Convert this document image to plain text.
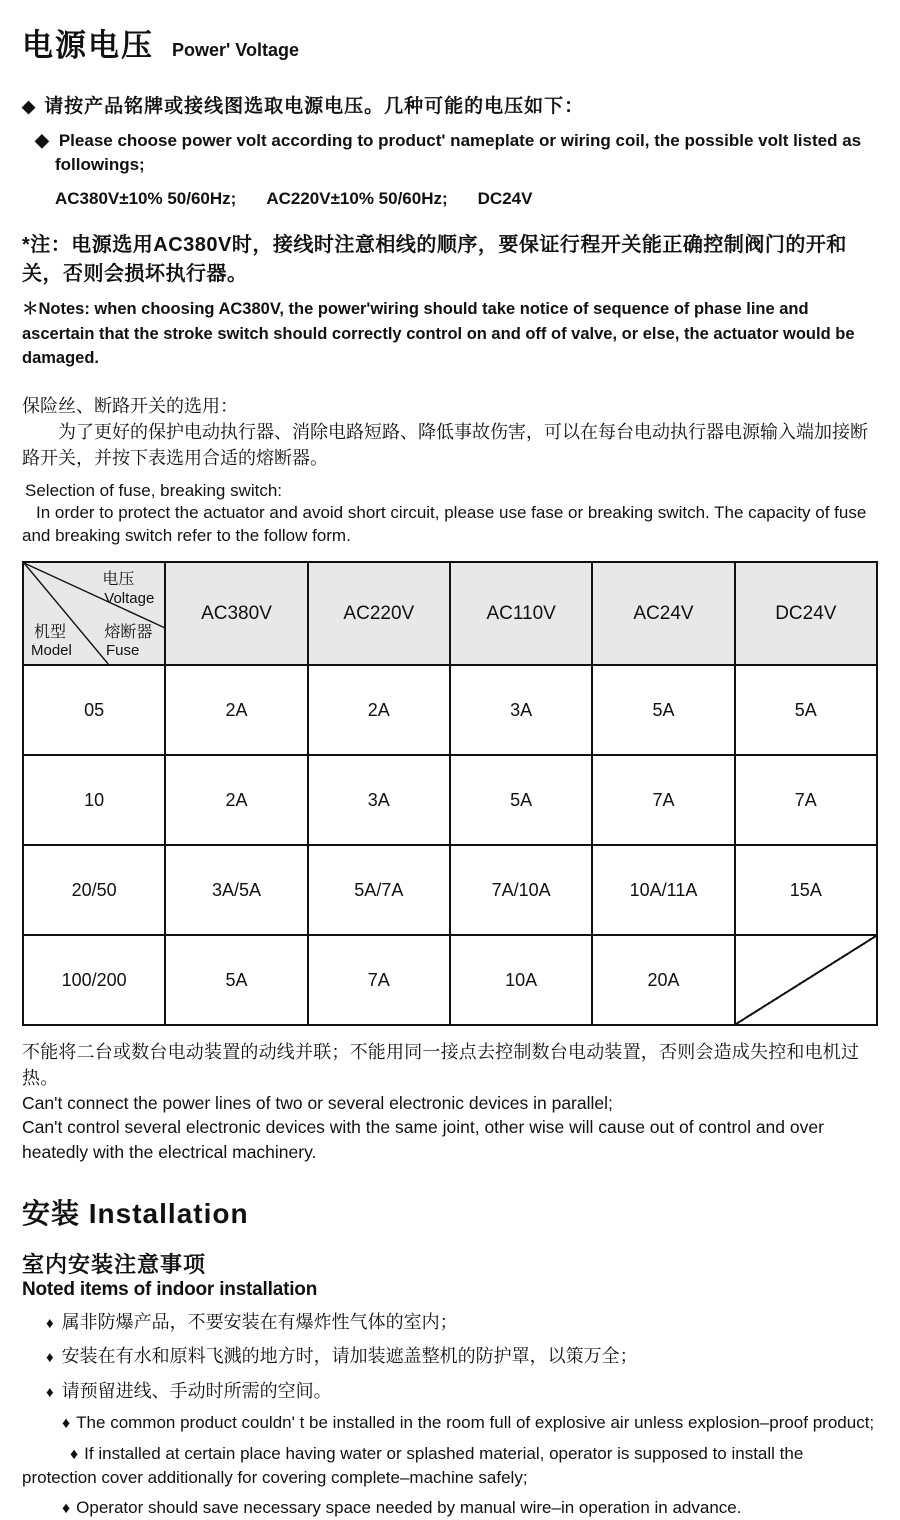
电源电压 Power' Voltage
◆ 请按产品铭牌或接线图选取电源电压。几种可能的电压如下：
◆ Please choose power volt according to product' nameplate or wiring coil, the possible volt listed as followings;
AC380V±10% 50/60Hz; AC220V±10% 50/60Hz; DC24V
*注：电源选用AC380V时，接线时注意相线的顺序，要保证行程开关能正确控制阀门的开和关，否则会损坏执行器。
＊Notes: when choosing AC380V, the power'wiring should take notice of sequence of phase line and ascertain that the stroke switch should correctly control on and off of valve, or else, the actuator would be damaged.
保险丝、断路开关的选用：
为了更好的保护电动执行器、消除电路短路、降低事故伤害，可以在每台电动执行器电源输入端加接断路开关，并按下表选用合适的熔断器。
Selection of fuse, breaking switch:
In order to protect the actuator and avoid short circuit, please use fase or breaking switch. The capacity of fuse and breaking switch refer to the follow form.
电压
Voltage
机型
Model
熔断器
Fuse
	AC380V	AC220V	AC110V	AC24V	DC24V
05	2A	2A	3A	5A	5A
10	2A	3A	5A	7A	7A
20/50	3A/5A	5A/7A	7A/10A	10A/11A	15A
100/200	5A	7A	10A	20A	
不能将二台或数台电动装置的动线并联；不能用同一接点去控制数台电动装置，否则会造成失控和电机过热。
Can't connect the power lines of two or several electronic devices in parallel;
Can't control several electronic devices with the same joint, other wise will cause out of control and over heatedly with the electrical machinery.
安装 Installation
室内安装注意事项
Noted items of indoor installation
♦ 属非防爆产品，不要安装在有爆炸性气体的室内；
♦ 安装在有水和原料飞溅的地方时，请加装遮盖整机的防护罩，以策万全；
♦ 请预留进线、手动时所需的空间。
♦ The common product couldn' t be installed in the room full of explosive air unless explosion–proof product;
♦ If installed at certain place having water or splashed material, operator is supposed to install the protection cover additionally for covering complete–machine safely;
♦ Operator should save necessary space needed by manual wire–in operation in advance.
